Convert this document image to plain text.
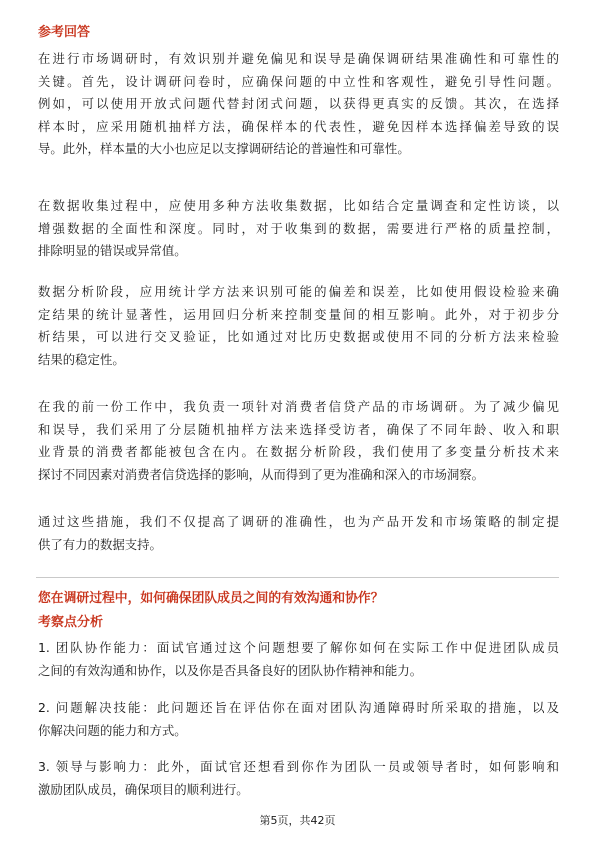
参考回答
在进行市场调研时，有效识别并避免偏见和误导是确保调研结果准确性和可靠性的
关键。首先，设计调研问卷时，应确保问题的中立性和客观性，避免引导性问题。
例如，可以使用开放式问题代替封闭式问题，以获得更真实的反馈。其次，在选择
样本时，应采用随机抽样方法，确保样本的代表性，避免因样本选择偏差导致的误
导。此外，样本量的大小也应足以支撑调研结论的普遍性和可靠性。
在数据收集过程中，应使用多种方法收集数据，比如结合定量调查和定性访谈，以
增强数据的全面性和深度。同时，对于收集到的数据，需要进行严格的质量控制，
排除明显的错误或异常值。
数据分析阶段，应用统计学方法来识别可能的偏差和误差，比如使用假设检验来确
定结果的统计显著性，运用回归分析来控制变量间的相互影响。此外，对于初步分
析结果，可以进行交叉验证，比如通过对比历史数据或使用不同的分析方法来检验
结果的稳定性。
在我的前一份工作中，我负责一项针对消费者信贷产品的市场调研。为了减少偏见
和误导，我们采用了分层随机抽样方法来选择受访者，确保了不同年龄、收入和职
业背景的消费者都能被包含在内。在数据分析阶段，我们使用了多变量分析技术来
探讨不同因素对消费者信贷选择的影响，从而得到了更为准确和深入的市场洞察。
通过这些措施，我们不仅提高了调研的准确性，也为产品开发和市场策略的制定提
供了有力的数据支持。
您在调研过程中，如何确保团队成员之间的有效沟通和协作？
考察点分析
1. 团队协作能力：面试官通过这个问题想要了解你如何在实际工作中促进团队成员
之间的有效沟通和协作，以及你是否具备良好的团队协作精神和能力。
2. 问题解决技能：此问题还旨在评估你在面对团队沟通障碍时所采取的措施，以及
你解决问题的能力和方式。
3. 领导与影响力：此外，面试官还想看到你作为团队一员或领导者时，如何影响和
激励团队成员，确保项目的顺利进行。
第5页，共42页
